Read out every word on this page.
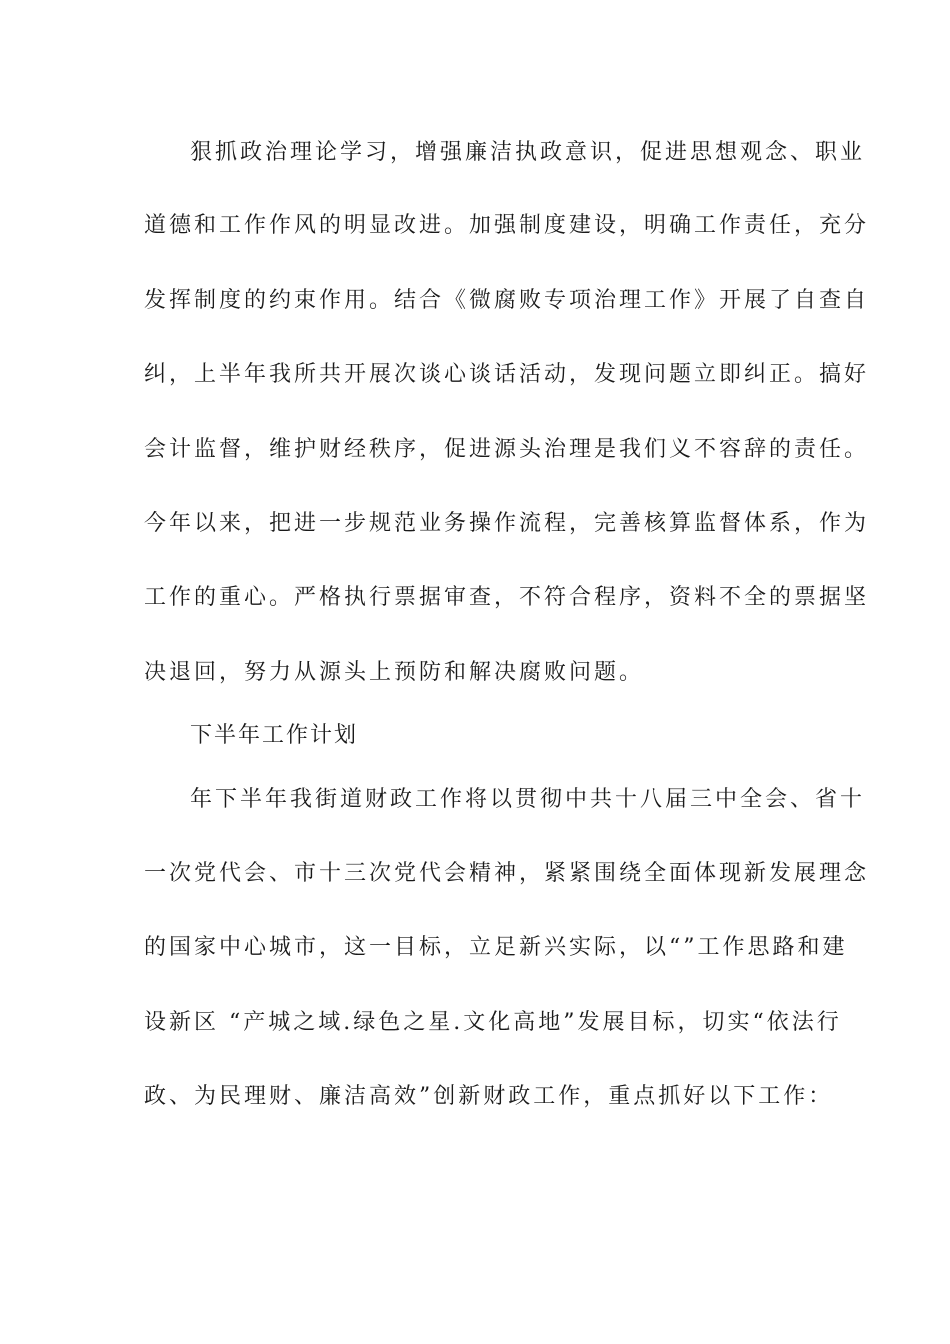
狠抓政治理论学习，增强廉洁执政意识，促进思想观念、职业
道德和工作作风的明显改进。加强制度建设，明确工作责任，充分
发挥制度的约束作用。结合《微腐败专项治理工作》开展了自查自
纠，上半年我所共开展次谈心谈话活动，发现问题立即纠正。搞好
会计监督，维护财经秩序，促进源头治理是我们义不容辞的责任。
今年以来，把进一步规范业务操作流程，完善核算监督体系，作为
工作的重心。严格执行票据审查，不符合程序，资料不全的票据坚
决退回，努力从源头上预防和解决腐败问题。
下半年工作计划
年下半年我街道财政工作将以贯彻中共十八届三中全会、省十
一次党代会、市十三次党代会精神，紧紧围绕全面体现新发展理念
的国家中心城市，这一目标，立足新兴实际，以“”工作思路和建
设新区 “产城之域.绿色之星.文化高地”发展目标，切实“依法行
政、为民理财、廉洁高效”创新财政工作，重点抓好以下工作：
